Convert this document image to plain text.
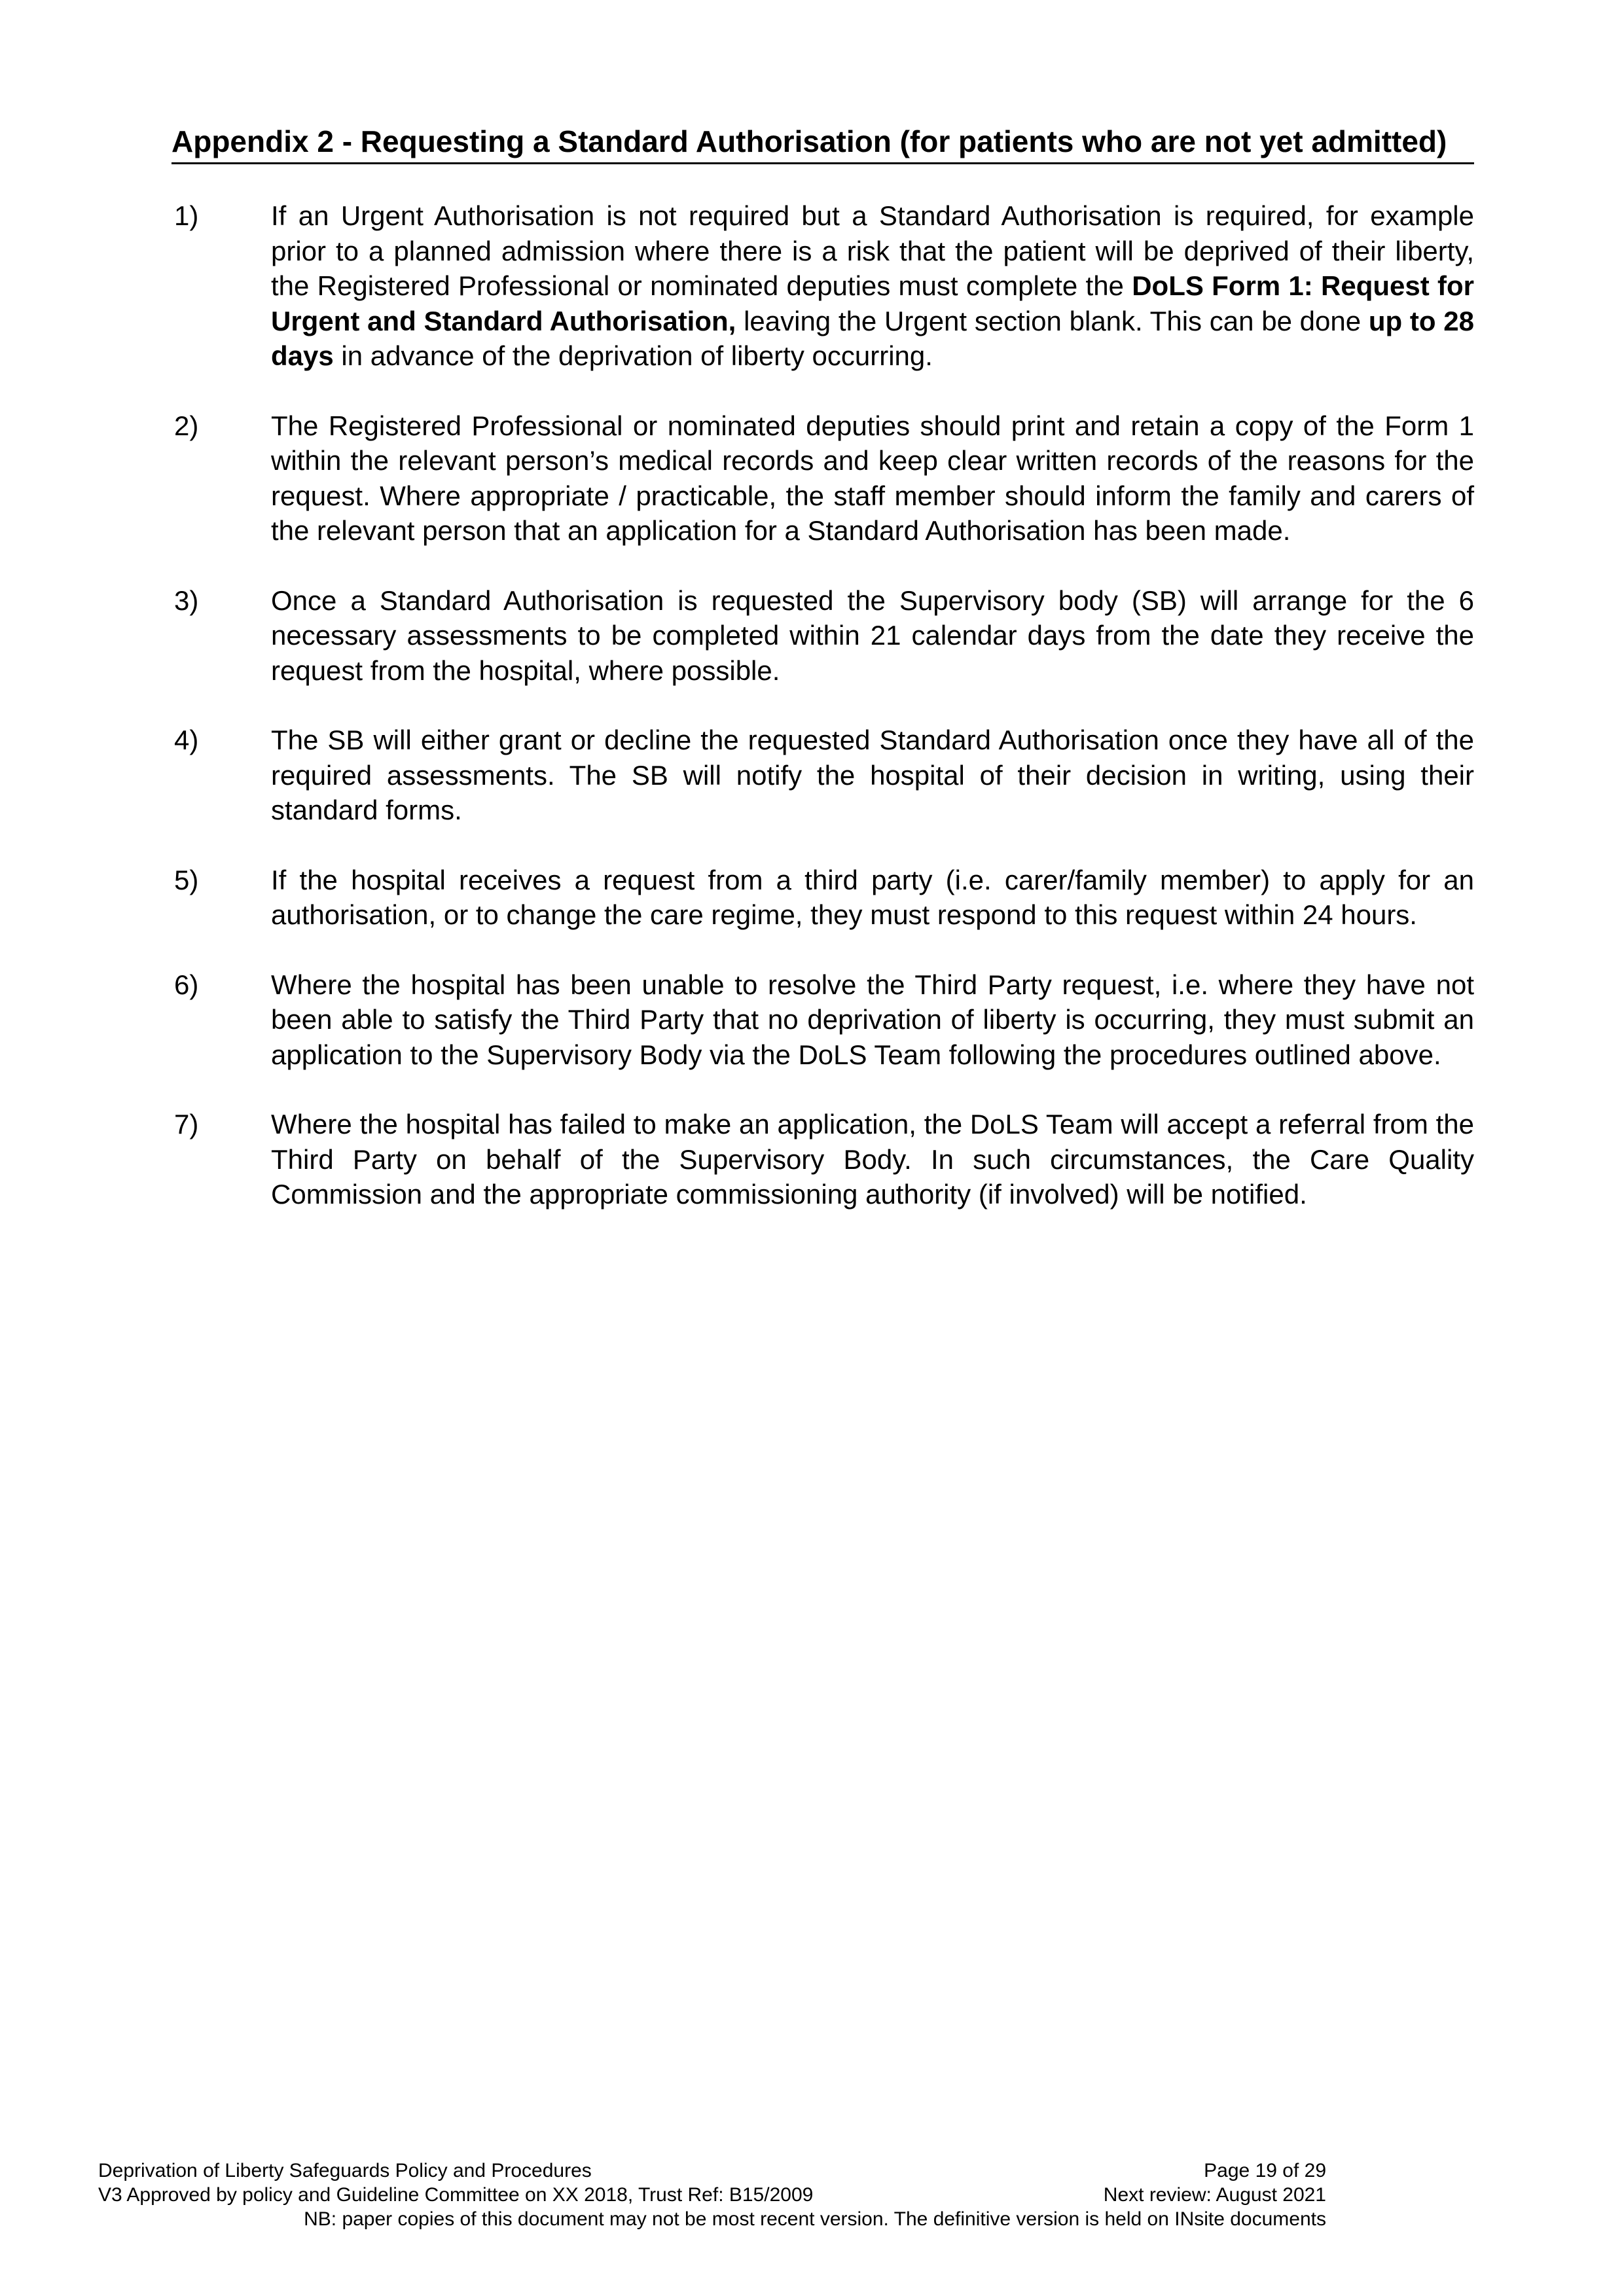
Appendix 2 - Requesting a Standard Authorisation (for patients who are not yet admitted)
1)	If an Urgent Authorisation is not required but a Standard Authorisation is required, for example prior to a planned admission where there is a risk that the patient will be deprived of their liberty, the Registered Professional or nominated deputies must complete the DoLS Form 1: Request for Urgent and Standard Authorisation, leaving the Urgent section blank. This can be done up to 28 days in advance of the deprivation of liberty occurring.
2)	The Registered Professional or nominated deputies should print and retain a copy of the Form 1 within the relevant person’s medical records and keep clear written records of the reasons for the request. Where appropriate / practicable, the staff member should inform the family and carers of the relevant person that an application for a Standard Authorisation has been made.
3)	Once a Standard Authorisation is requested the Supervisory body (SB) will arrange for the 6 necessary assessments to be completed within 21 calendar days from the date they receive the request from the hospital, where possible.
4)	The SB will either grant or decline the requested Standard Authorisation once they have all of the required assessments. The SB will notify the hospital of their decision in writing, using their standard forms.
5)	If the hospital receives a request from a third party (i.e. carer/family member) to apply for an authorisation, or to change the care regime, they must respond to this request within 24 hours.
6)	Where the hospital has been unable to resolve the Third Party request, i.e. where they have not been able to satisfy the Third Party that no deprivation of liberty is occurring, they must submit an application to the Supervisory Body via the DoLS Team following the procedures outlined above.
7)	Where the hospital has failed to make an application, the DoLS Team will accept a referral from the Third Party on behalf of the Supervisory Body. In such circumstances, the Care Quality Commission and the appropriate commissioning authority (if involved) will be notified.
Deprivation of Liberty Safeguards Policy and Procedures	Page 19 of 29
V3 Approved by policy and Guideline Committee on XX 2018, Trust Ref: B15/2009	Next review: August 2021
NB: paper copies of this document may not be most recent version. The definitive version is held on INsite documents
